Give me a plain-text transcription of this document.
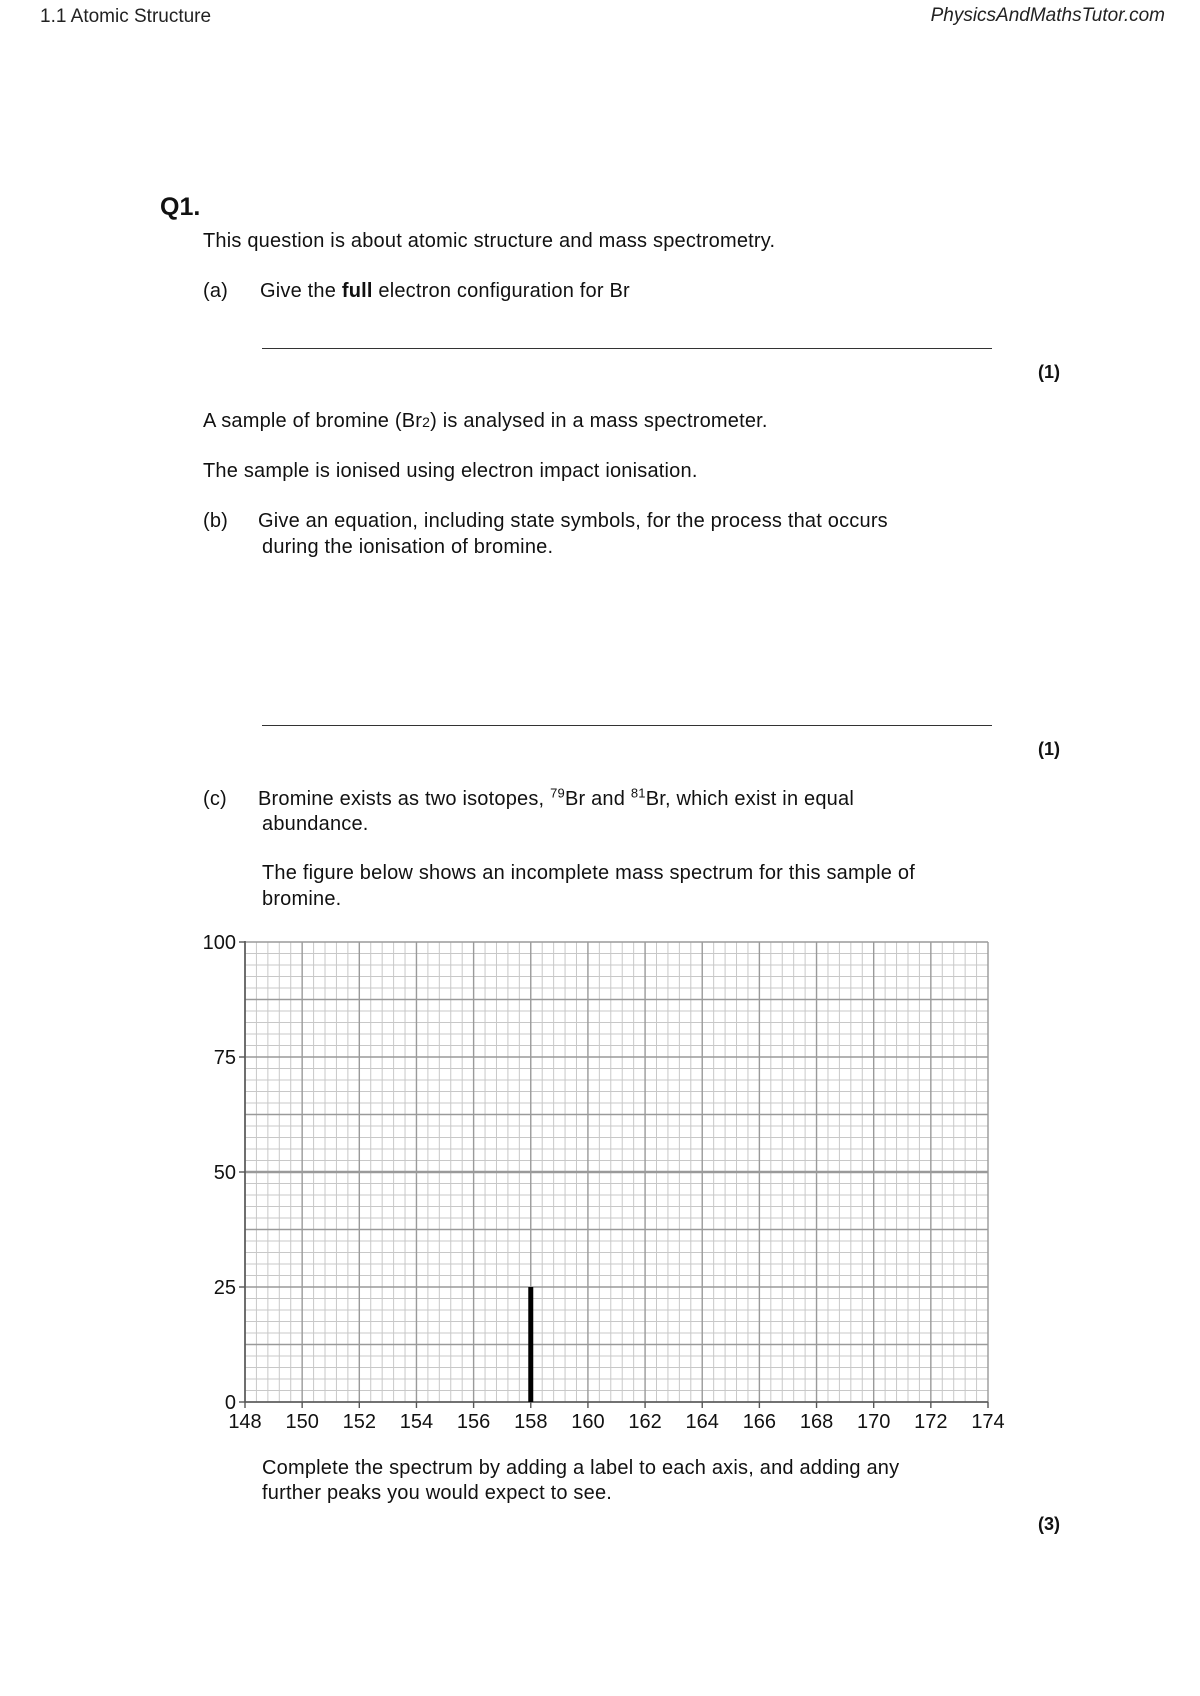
1.1 Atomic Structure	PhysicsAndMathsTutor.com
Q1.
This question is about atomic structure and mass spectrometry.
(a) Give the full electron configuration for Br
(1)
A sample of bromine (Br2) is analysed in a mass spectrometer.
The sample is ionised using electron impact ionisation.
(b) Give an equation, including state symbols, for the process that occurs
during the ionisation of bromine.
(1)
(c) Bromine exists as two isotopes, $^{79}$Br and $^{81}$Br, which exist in equal
abundance.
The figure below shows an incomplete mass spectrum for this sample of
bromine.
148 150 152 154 156 158 160 162 164 166 168 170 172 174
0
25
50
75
100
Complete the spectrum by adding a label to each axis, and adding any
further peaks you would expect to see.
(3)
